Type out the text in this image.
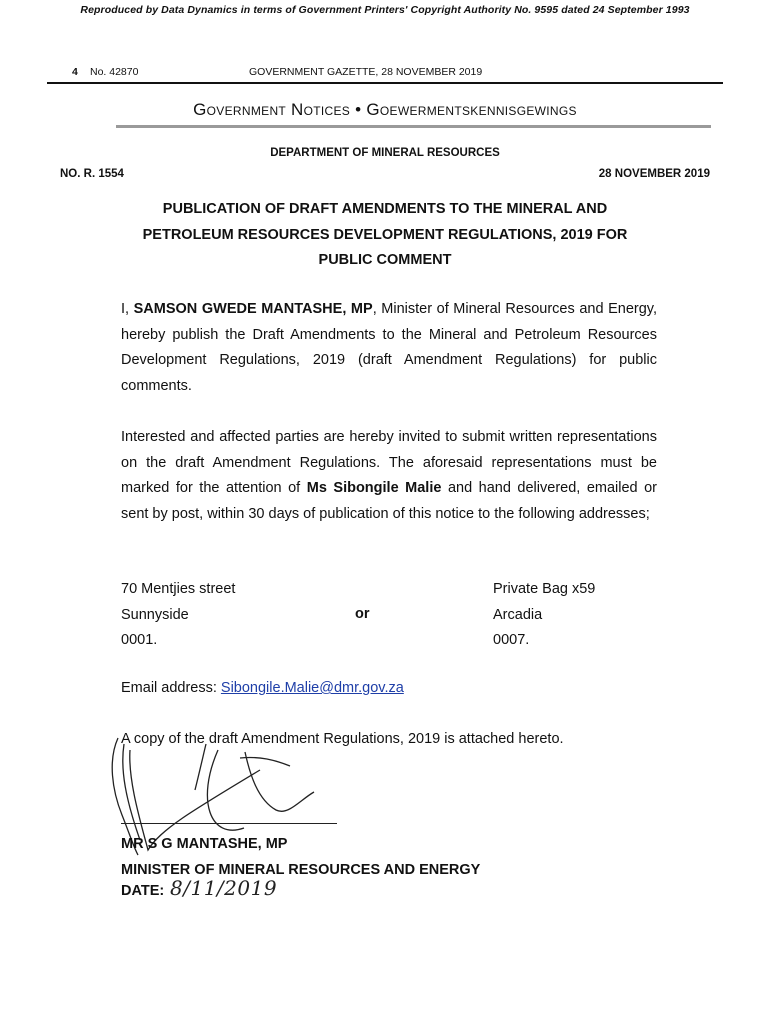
Reproduced by Data Dynamics in terms of Government Printers' Copyright Authority No. 9595 dated 24 September 1993
4 No. 42870	GOVERNMENT GAZETTE, 28 NOVEMBER 2019
Government Notices • Goewermentskennisgewings
DEPARTMENT OF MINERAL RESOURCES
NO. R. 1554	28 NOVEMBER 2019
PUBLICATION OF DRAFT AMENDMENTS TO THE MINERAL AND
PETROLEUM RESOURCES DEVELOPMENT REGULATIONS, 2019 FOR
PUBLIC COMMENT
I, SAMSON GWEDE MANTASHE, MP, Minister of Mineral Resources and Energy, hereby publish the Draft Amendments to the Mineral and Petroleum Resources Development Regulations, 2019 (draft Amendment Regulations) for public comments.
Interested and affected parties are hereby invited to submit written representations on the draft Amendment Regulations. The aforesaid representations must be marked for the attention of Ms Sibongile Malie and hand delivered, emailed or sent by post, within 30 days of publication of this notice to the following addresses;
70 Mentjies street
Sunnyside
0001.
or
Private Bag x59
Arcadia
0007.
Email address: Sibongile.Malie@dmr.gov.za
A copy of the draft Amendment Regulations, 2019 is attached hereto.
MR S G MANTASHE, MP
MINISTER OF MINERAL RESOURCES AND ENERGY
DATE: 8/11/2019
